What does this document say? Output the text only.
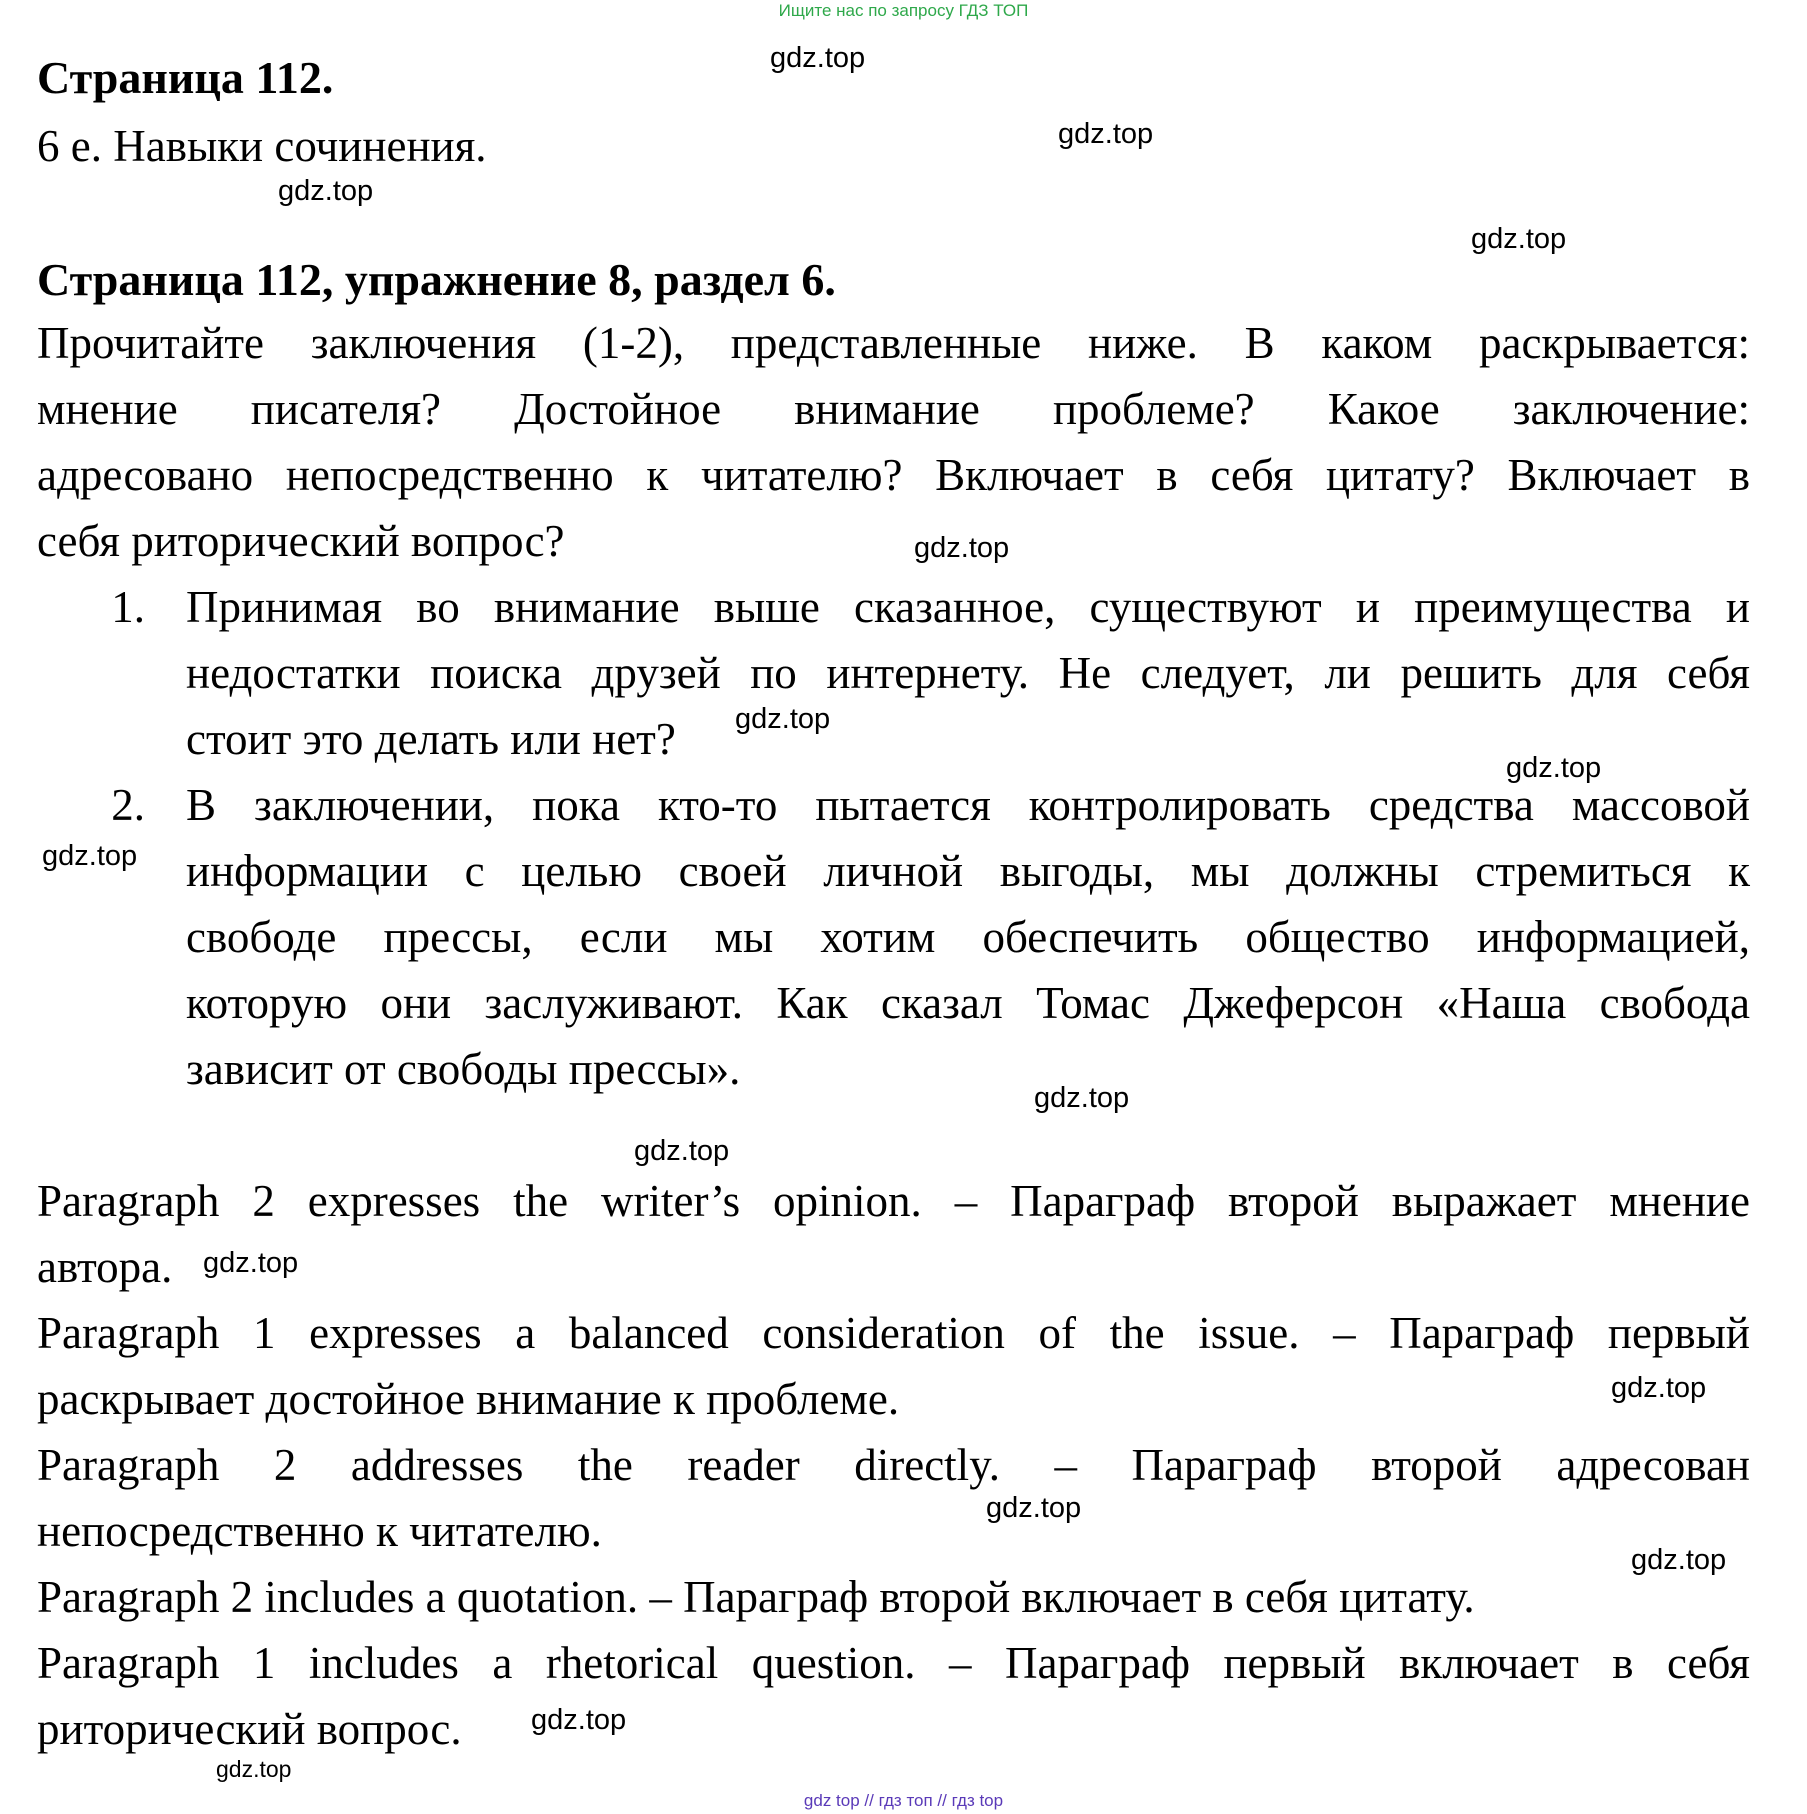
Ищите нас по запросу ГДЗ ТОП
Страница 112.
6 е. Навыки сочинения.
Страница 112, упражнение 8, раздел 6.
Прочитайте заключения (1-2), представленные ниже. В каком раскрывается:
мнение писателя? Достойное внимание проблеме? Какое заключение:
адресовано непосредственно к читателю? Включает в себя цитату? Включает в
себя риторический вопрос?
1. Принимая во внимание выше сказанное, существуют и преимущества и
недостатки поиска друзей по интернету. Не следует, ли решить для себя
стоит это делать или нет?
2. В заключении, пока кто-то пытается контролировать средства массовой
информации с целью своей личной выгоды, мы должны стремиться к
свободе прессы, если мы хотим обеспечить общество информацией,
которую они заслуживают. Как сказал Томас Джеферсон «Наша свобода
зависит от свободы прессы».
Paragraph 2 expresses the writer’s opinion. – Параграф второй выражает мнение
автора.
Paragraph 1 expresses a balanced consideration of the issue. – Параграф первый
раскрывает достойное внимание к проблеме.
Paragraph 2 addresses the reader directly. – Параграф второй адресован
непосредственно к читателю.
Paragraph 2 includes a quotation. – Параграф второй включает в себя цитату.
Paragraph 1 includes a rhetorical question. – Параграф первый включает в себя
риторический вопрос.
gdz.top
gdz.top
gdz.top
gdz.top
gdz.top
gdz.top
gdz.top
gdz.top
gdz.top
gdz.top
gdz.top
gdz.top
gdz.top
gdz.top
gdz.top
gdz.top
gdz top // гдз топ // гдз top
